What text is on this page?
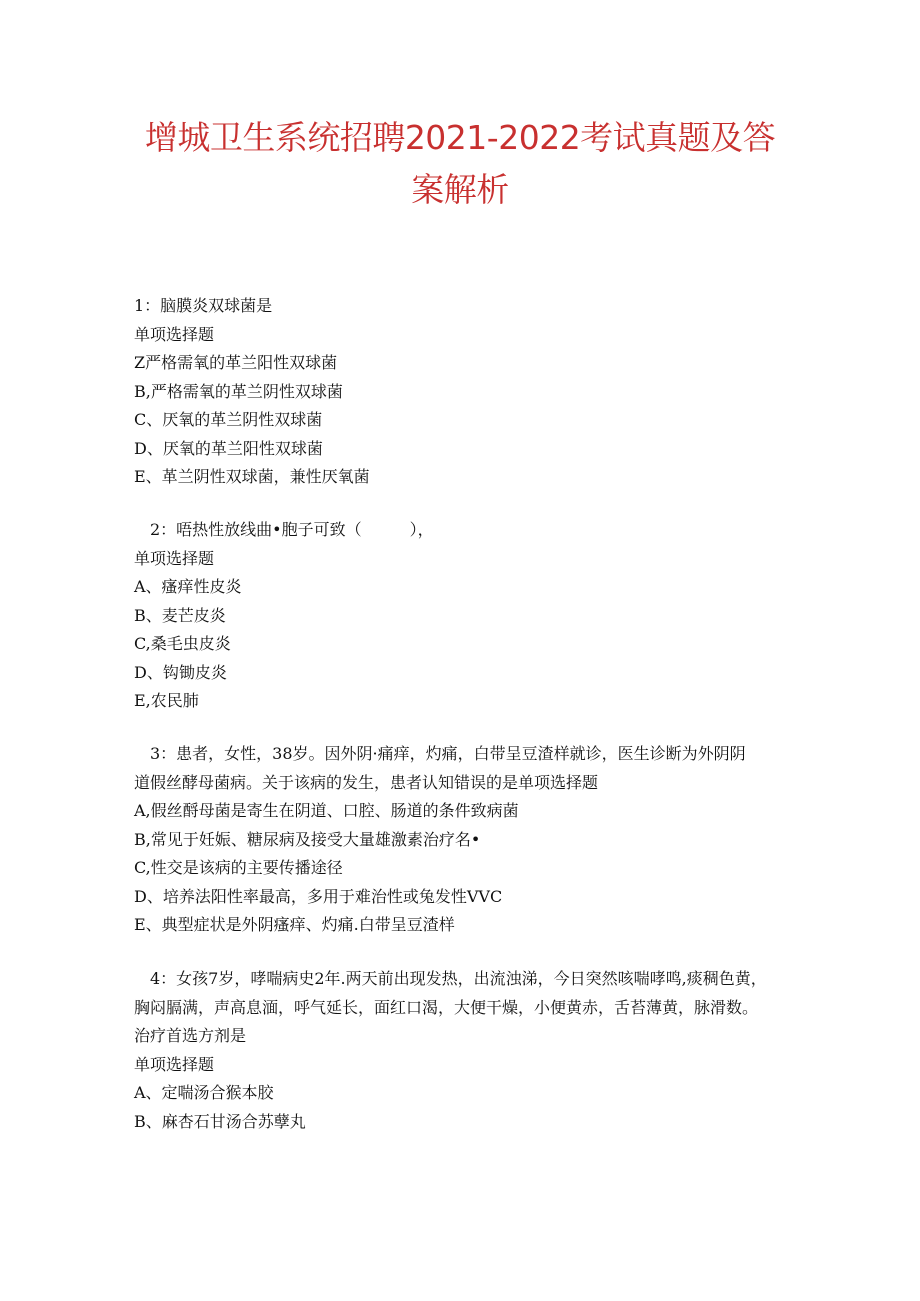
增城卫生系统招聘2021-2022考试真题及答
案解析
1：脑膜炎双球菌是
单项选择题
Z严格需氧的革兰阳性双球菌
B,严格需氧的革兰阴性双球菌
C、厌氧的革兰阴性双球菌
D、厌氧的革兰阳性双球菌
E、革兰阴性双球菌，兼性厌氧菌
2：唔热性放线曲•胞子可致（　　　），
单项选择题
A、瘙痒性皮炎
B、麦芒皮炎
C,桑毛虫皮炎
D、钩锄皮炎
E,农民肺
3：患者，女性，38岁。因外阴·痛痒，灼痛，白带呈豆渣样就诊，医生诊断为外阴阴
道假丝酵母菌病。关于该病的发生，患者认知错误的是单项选择题
A,假丝酹母菌是寄生在阴道、口腔、肠道的条件致病菌
B,常见于妊娠、糖尿病及接受大量雄激素治疗名•
C,性交是该病的主要传播途径
D、培养法阳性率最高，多用于难治性或兔发性VVC
E、典型症状是外阴瘙痒、灼痛.白带呈豆渣样
4：女孩7岁，哮喘病史2年.两天前出现发热，出流浊涕，今日突然咳喘哮鸣,痰稠色黄，
胸闷膈满，声高息湎，呼气延长，面红口渴，大便干燥，小便黄赤，舌苔薄黄，脉滑数。
治疗首选方剂是
单项选择题
A、定喘汤合猴本胶
B、麻杏石甘汤合苏孽丸
